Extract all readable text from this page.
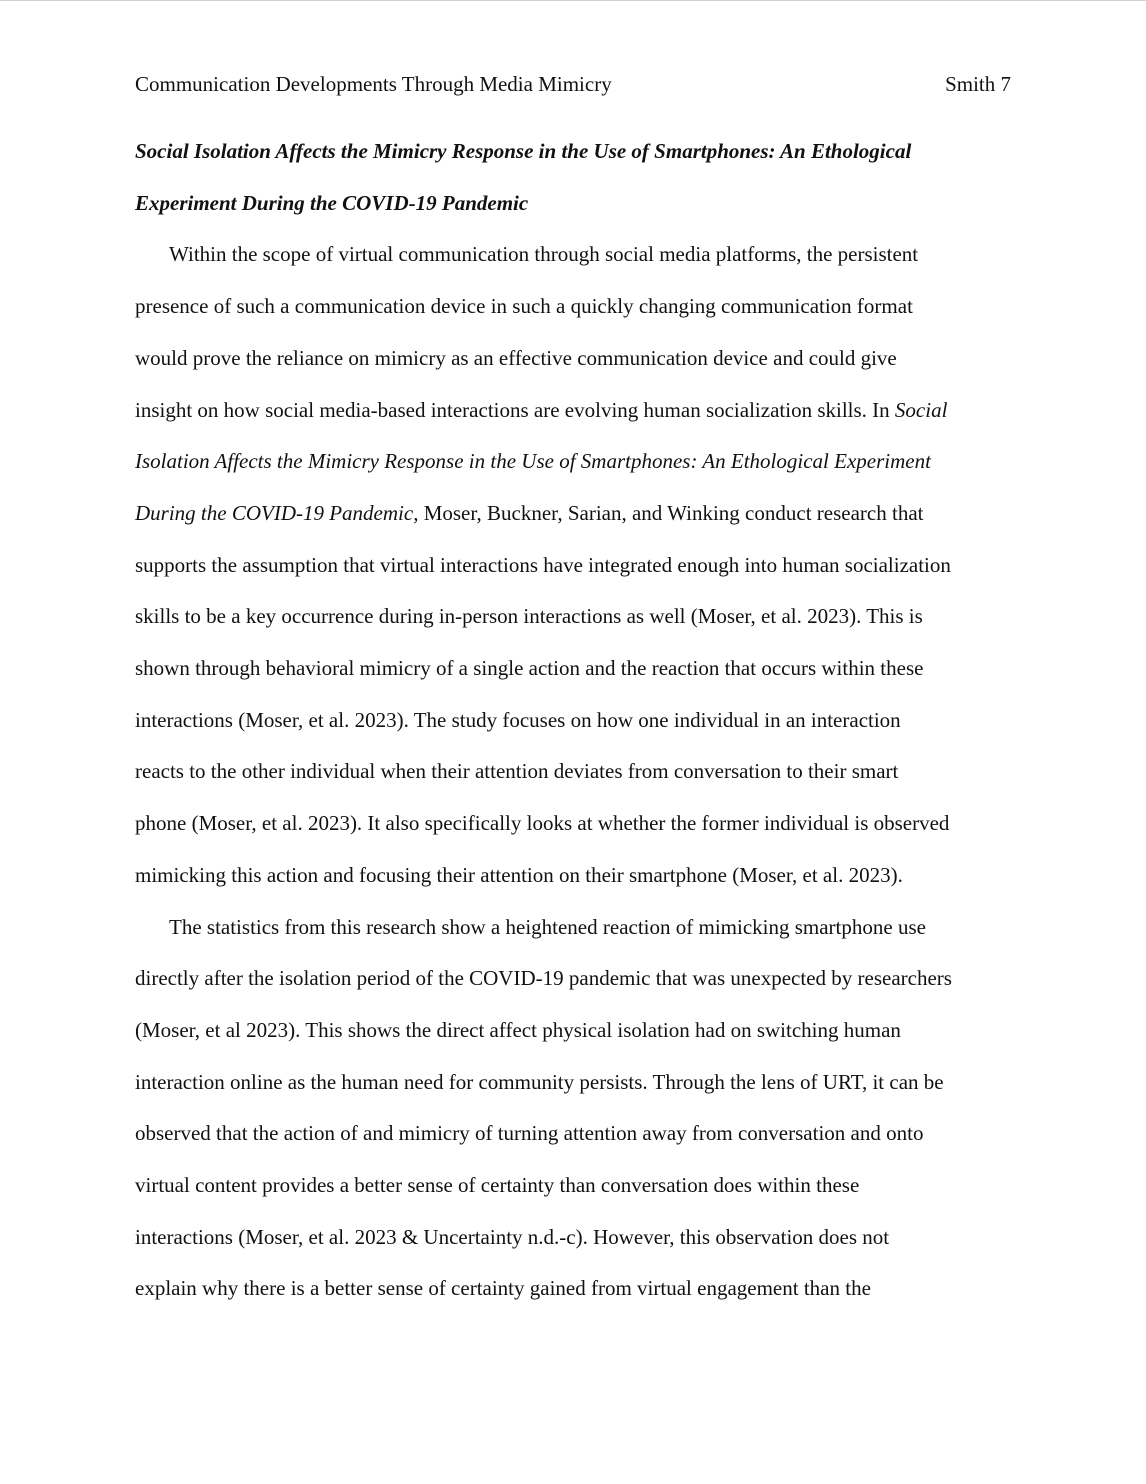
Communication Developments Through Media Mimicry	Smith 7
Social Isolation Affects the Mimicry Response in the Use of Smartphones: An Ethological
Experiment During the COVID-19 Pandemic
Within the scope of virtual communication through social media platforms, the persistent
presence of such a communication device in such a quickly changing communication format
would prove the reliance on mimicry as an effective communication device and could give
insight on how social media-based interactions are evolving human socialization skills. In Social
Isolation Affects the Mimicry Response in the Use of Smartphones: An Ethological Experiment
During the COVID-19 Pandemic, Moser, Buckner, Sarian, and Winking conduct research that
supports the assumption that virtual interactions have integrated enough into human socialization
skills to be a key occurrence during in-person interactions as well (Moser, et al. 2023). This is
shown through behavioral mimicry of a single action and the reaction that occurs within these
interactions (Moser, et al. 2023). The study focuses on how one individual in an interaction
reacts to the other individual when their attention deviates from conversation to their smart
phone (Moser, et al. 2023). It also specifically looks at whether the former individual is observed
mimicking this action and focusing their attention on their smartphone (Moser, et al. 2023).
The statistics from this research show a heightened reaction of mimicking smartphone use
directly after the isolation period of the COVID-19 pandemic that was unexpected by researchers
(Moser, et al 2023). This shows the direct affect physical isolation had on switching human
interaction online as the human need for community persists. Through the lens of URT, it can be
observed that the action of and mimicry of turning attention away from conversation and onto
virtual content provides a better sense of certainty than conversation does within these
interactions (Moser, et al. 2023 & Uncertainty n.d.-c). However, this observation does not
explain why there is a better sense of certainty gained from virtual engagement than the
